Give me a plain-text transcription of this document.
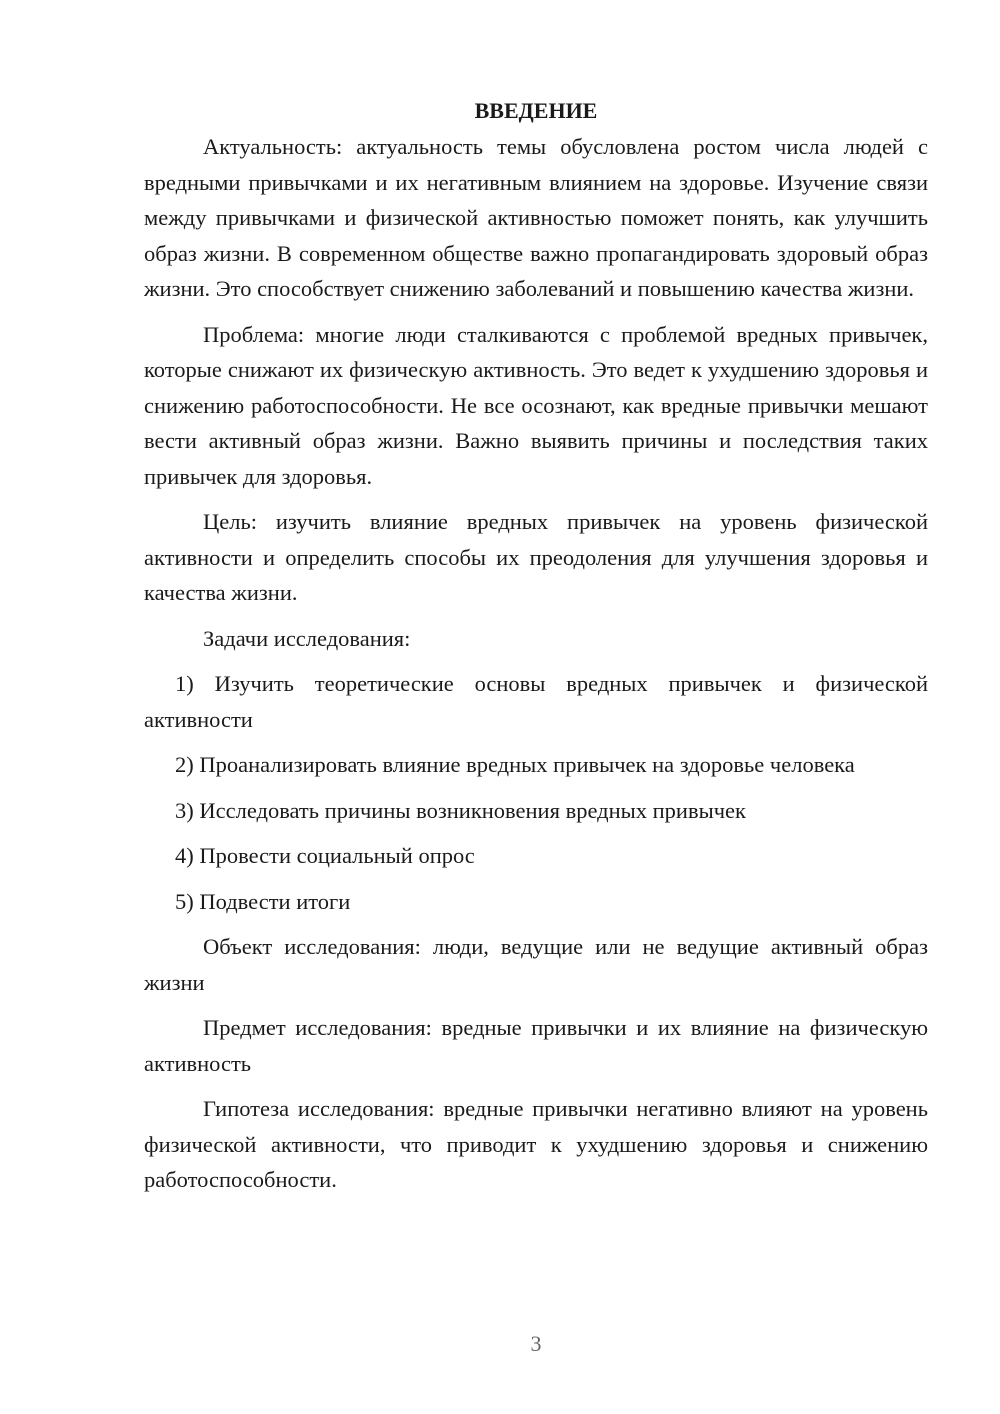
ВВЕДЕНИЕ

Актуальность: актуальность темы обусловлена ростом числа людей с вредными привычками и их негативным влиянием на здоровье. Изучение связи между привычками и физической активностью поможет понять, как улучшить образ жизни. В современном обществе важно пропагандировать здоровый образ жизни. Это способствует снижению заболеваний и повышению качества жизни.

Проблема: многие люди сталкиваются с проблемой вредных привычек, которые снижают их физическую активность. Это ведет к ухудшению здоровья и снижению работоспособности. Не все осознают, как вредные привычки мешают вести активный образ жизни. Важно выявить причины и последствия таких привычек для здоровья.

Цель: изучить влияние вредных привычек на уровень физической активности и определить способы их преодоления для улучшения здоровья и качества жизни.

Задачи исследования:

1) Изучить теоретические основы вредных привычек и физической активности

2) Проанализировать влияние вредных привычек на здоровье человека

3) Исследовать причины возникновения вредных привычек

4) Провести социальный опрос

5) Подвести итоги

Объект исследования: люди, ведущие или не ведущие активный образ жизни

Предмет исследования: вредные привычки и их влияние на физическую активность

Гипотеза исследования: вредные привычки негативно влияют на уровень физической активности, что приводит к ухудшению здоровья и снижению работоспособности.

3
